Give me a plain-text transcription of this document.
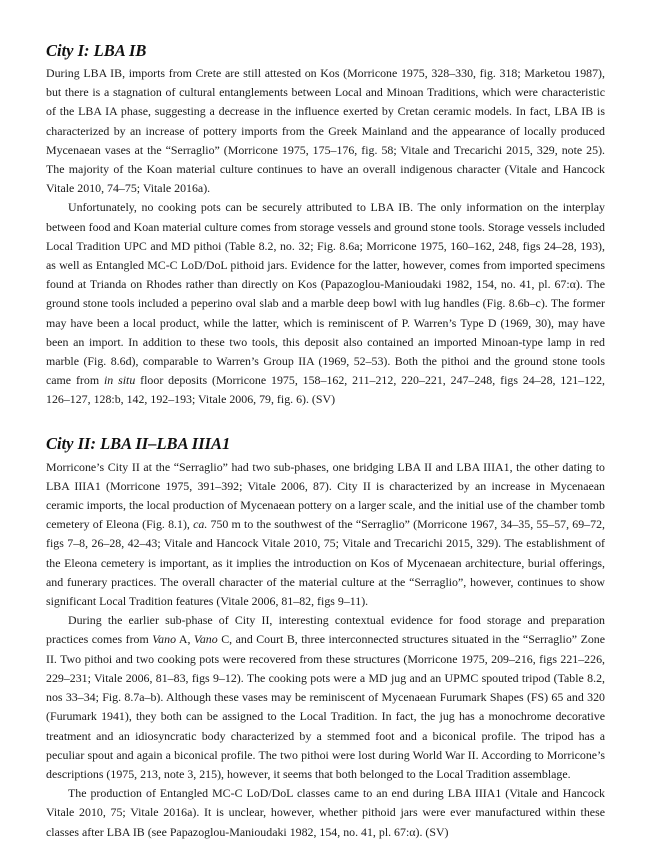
City I: LBA IB

During LBA IB, imports from Crete are still attested on Kos (Morricone 1975, 328–330, fig. 318; Marketou 1987), but there is a stagnation of cultural entanglements between Local and Minoan Traditions, which were characteristic of the LBA IA phase, suggesting a decrease in the influence exerted by Cretan ceramic models. In fact, LBA IB is characterized by an increase of pottery imports from the Greek Mainland and the appearance of locally produced Mycenaean vases at the “Serraglio” (Morricone 1975, 175–176, fig. 58; Vitale and Trecarichi 2015, 329, note 25). The majority of the Koan material culture continues to have an overall indigenous character (Vitale and Hancock Vitale 2010, 74–75; Vitale 2016a).

Unfortunately, no cooking pots can be securely attributed to LBA IB. The only information on the interplay between food and Koan material culture comes from storage vessels and ground stone tools. Storage vessels included Local Tradition UPC and MD pithoi (Table 8.2, no. 32; Fig. 8.6a; Morricone 1975, 160–162, 248, figs 24–28, 193), as well as Entangled MC-C LoD/DoL pithoid jars. Evidence for the latter, however, comes from imported specimens found at Trianda on Rhodes rather than directly on Kos (Papazoglou-Manioudaki 1982, 154, no. 41, pl. 67:α). The ground stone tools included a peperino oval slab and a marble deep bowl with lug handles (Fig. 8.6b–c). The former may have been a local product, while the latter, which is reminiscent of P. Warren’s Type D (1969, 30), may have been an import. In addition to these two tools, this deposit also contained an imported Minoan-type lamp in red marble (Fig. 8.6d), comparable to Warren’s Group IIA (1969, 52–53). Both the pithoi and the ground stone tools came from in situ floor deposits (Morricone 1975, 158–162, 211–212, 220–221, 247–248, figs 24–28, 121–122, 126–127, 128:b, 142, 192–193; Vitale 2006, 79, fig. 6). (SV)

City II: LBA II–LBA IIIA1

Morricone’s City II at the “Serraglio” had two sub-phases, one bridging LBA II and LBA IIIA1, the other dating to LBA IIIA1 (Morricone 1975, 391–392; Vitale 2006, 87). City II is characterized by an increase in Mycenaean ceramic imports, the local production of Mycenaean pottery on a larger scale, and the initial use of the chamber tomb cemetery of Eleona (Fig. 8.1), ca. 750 m to the southwest of the “Serraglio” (Morricone 1967, 34–35, 55–57, 69–72, figs 7–8, 26–28, 42–43; Vitale and Hancock Vitale 2010, 75; Vitale and Trecarichi 2015, 329). The establishment of the Eleona cemetery is important, as it implies the introduction on Kos of Mycenaean architecture, burial offerings, and funerary practices. The overall character of the material culture at the “Serraglio”, however, continues to show significant Local Tradition features (Vitale 2006, 81–82, figs 9–11).

During the earlier sub-phase of City II, interesting contextual evidence for food storage and preparation practices comes from Vano A, Vano C, and Court B, three interconnected structures situated in the “Serraglio” Zone II. Two pithoi and two cooking pots were recovered from these structures (Morricone 1975, 209–216, figs 221–226, 229–231; Vitale 2006, 81–83, figs 9–12). The cooking pots were a MD jug and an UPMC spouted tripod (Table 8.2, nos 33–34; Fig. 8.7a–b). Although these vases may be reminiscent of Mycenaean Furumark Shapes (FS) 65 and 320 (Furumark 1941), they both can be assigned to the Local Tradition. In fact, the jug has a monochrome decorative treatment and an idiosyncratic body characterized by a stemmed foot and a biconical profile. The tripod has a peculiar spout and again a biconical profile. The two pithoi were lost during World War II. According to Morricone’s descriptions (1975, 213, note 3, 215), however, it seems that both belonged to the Local Tradition assemblage.

The production of Entangled MC-C LoD/DoL classes came to an end during LBA IIIA1 (Vitale and Hancock Vitale 2010, 75; Vitale 2016a). It is unclear, however, whether pithoid jars were ever manufactured within these classes after LBA IB (see Papazoglou-Manioudaki 1982, 154, no. 41, pl. 67:α). (SV)
